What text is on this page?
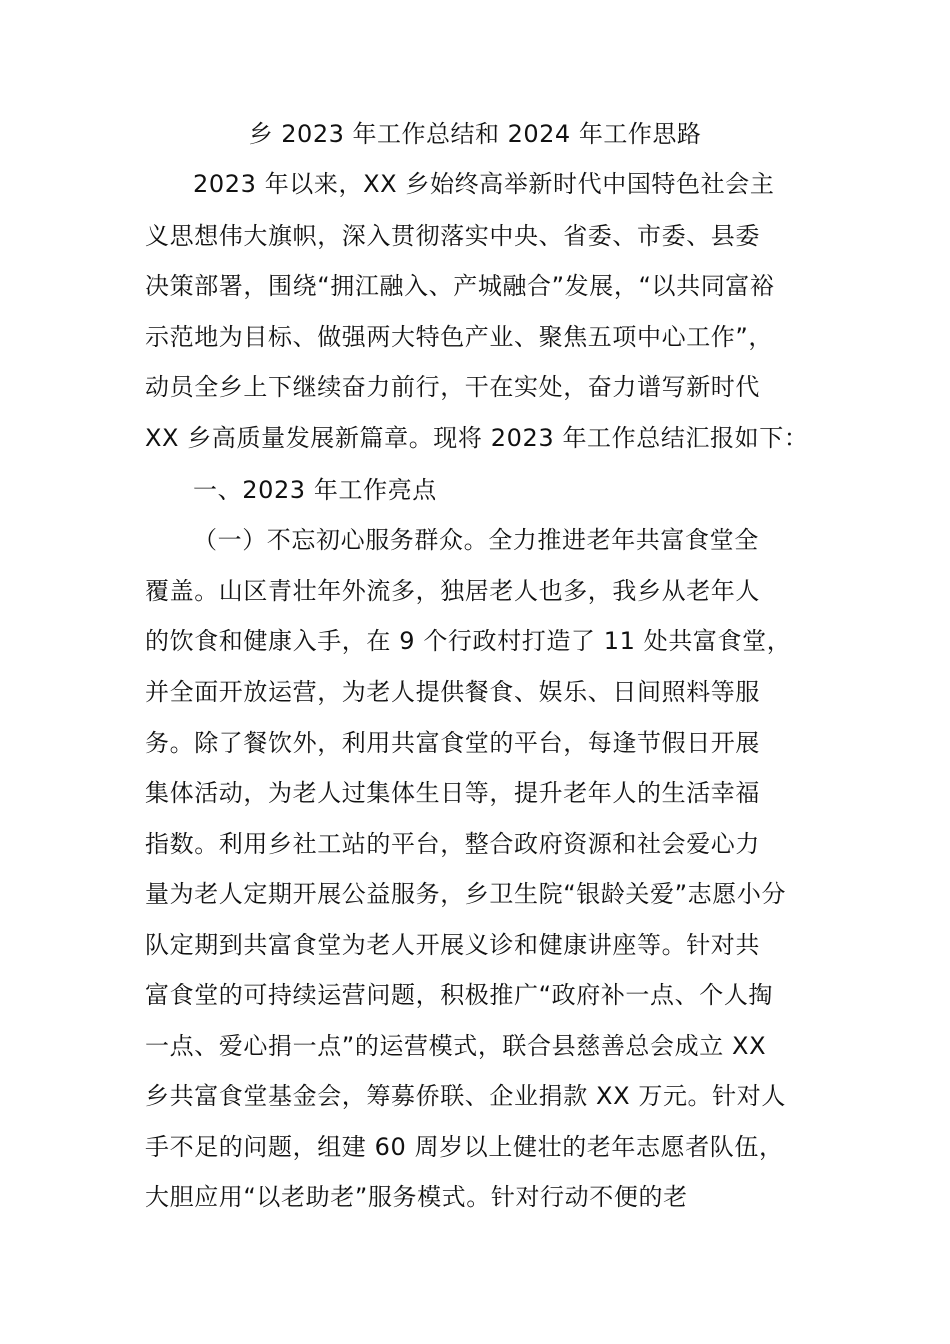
乡 2023 年工作总结和 2024 年工作思路

2023 年以来，XX 乡始终高举新时代中国特色社会主

义思想伟大旗帜，深入贯彻落实中央、省委、市委、县委

决策部署，围绕“拥江融入、产城融合”发展，“以共同富裕

示范地为目标、做强两大特色产业、聚焦五项中心工作”，

动员全乡上下继续奋力前行，干在实处，奋力谱写新时代

XX 乡高质量发展新篇章。现将 2023 年工作总结汇报如下：

一、2023 年工作亮点

（一）不忘初心服务群众。全力推进老年共富食堂全

覆盖。山区青壮年外流多，独居老人也多，我乡从老年人

的饮食和健康入手，在 9 个行政村打造了 11 处共富食堂，

并全面开放运营，为老人提供餐食、娱乐、日间照料等服

务。除了餐饮外，利用共富食堂的平台，每逢节假日开展

集体活动，为老人过集体生日等，提升老年人的生活幸福

指数。利用乡社工站的平台，整合政府资源和社会爱心力

量为老人定期开展公益服务，乡卫生院“银龄关爱”志愿小分

队定期到共富食堂为老人开展义诊和健康讲座等。针对共

富食堂的可持续运营问题，积极推广“政府补一点、个人掏

一点、爱心捐一点”的运营模式，联合县慈善总会成立 XX

乡共富食堂基金会，筹募侨联、企业捐款 XX 万元。针对人

手不足的问题，组建 60 周岁以上健壮的老年志愿者队伍，

大胆应用“以老助老”服务模式。针对行动不便的老
